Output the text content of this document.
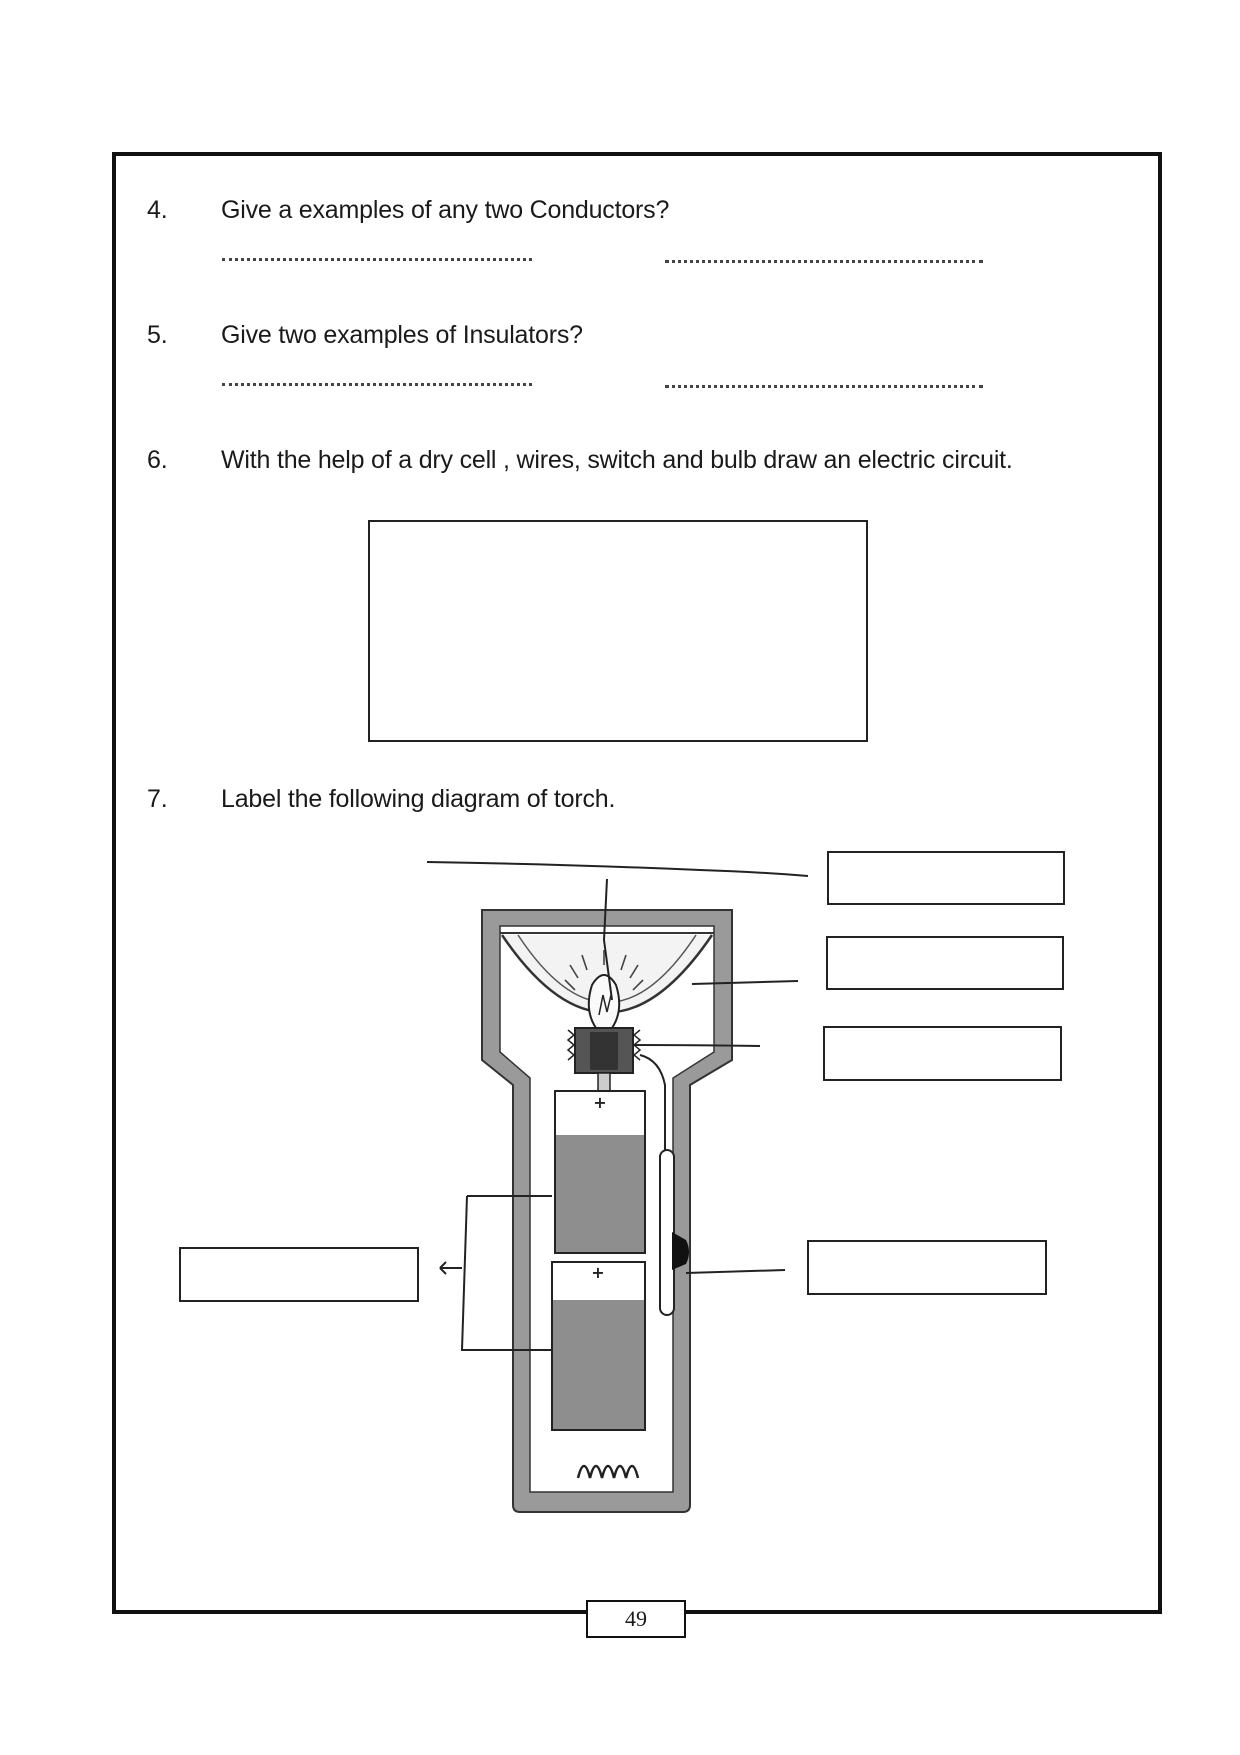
4. Give a examples of any two Conductors?
5. Give two examples of Insulators?
6. With the help of a dry cell , wires, switch and bulb draw an electric circuit.
7. Label the following diagram of torch.
+
+
49
